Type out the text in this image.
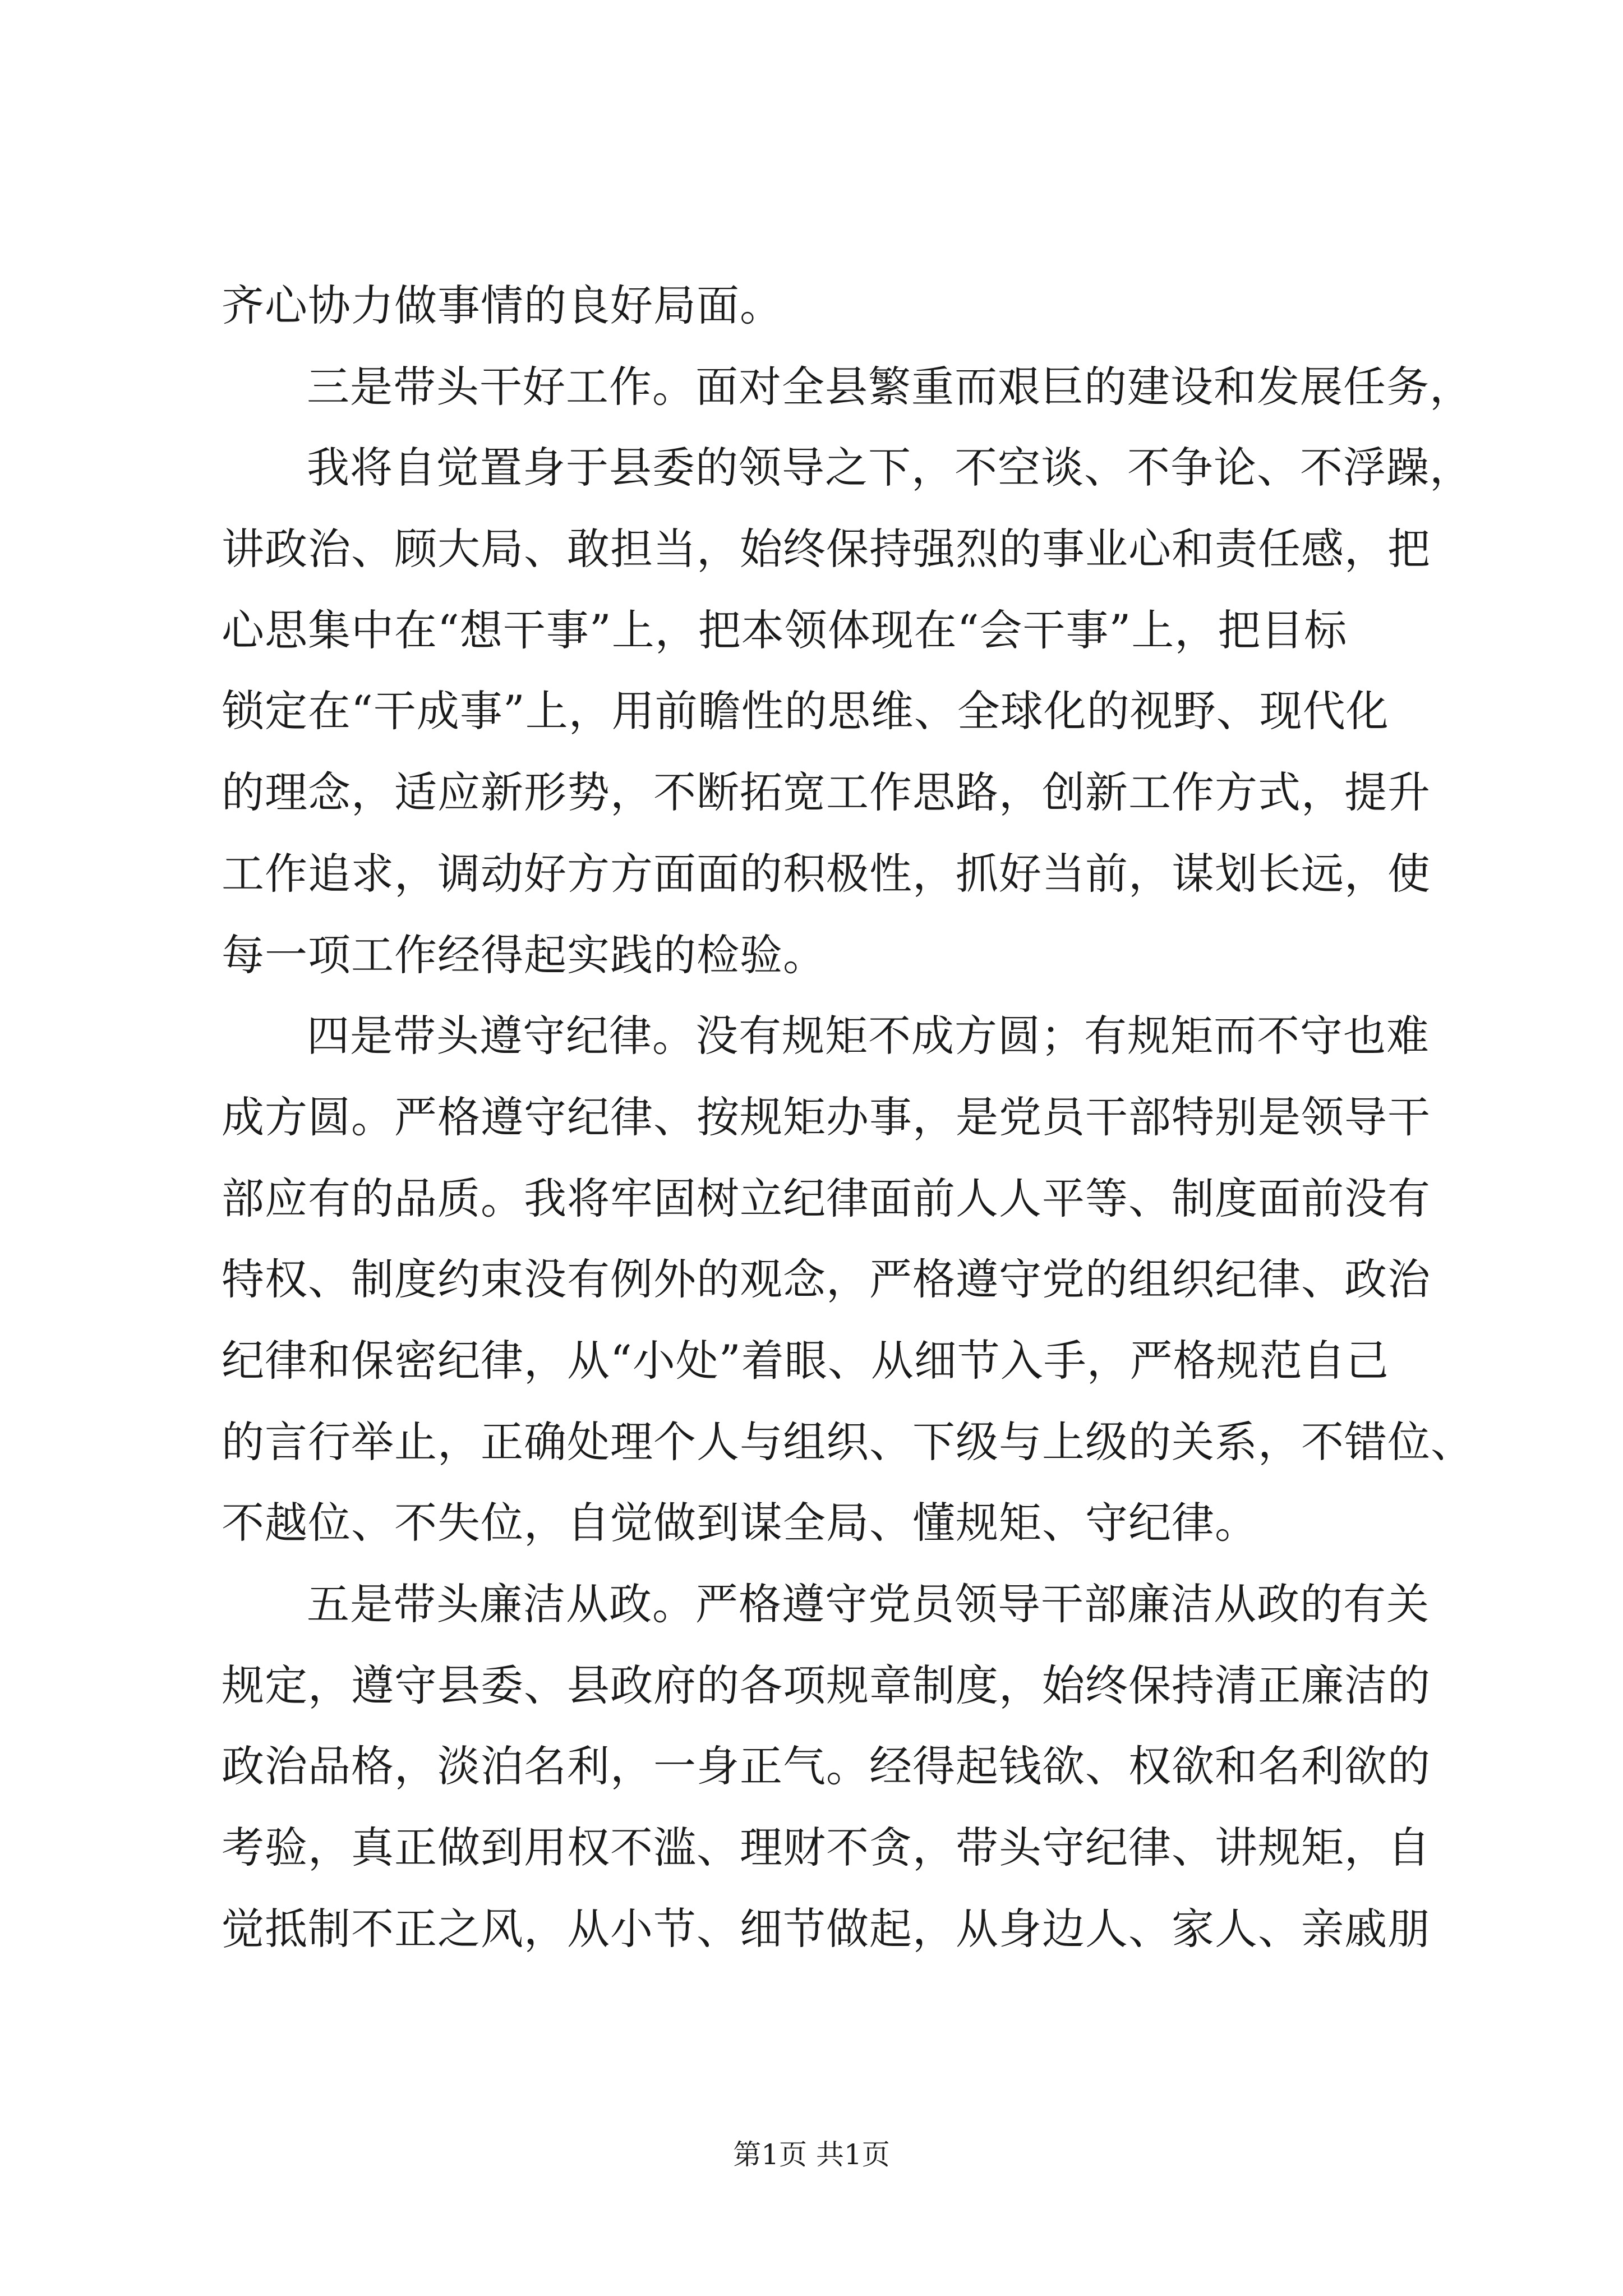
齐心协力做事情的良好局面。
三是带头干好工作。面对全县繁重而艰巨的建设和发展任务，
我将自觉置身于县委的领导之下，不空谈、不争论、不浮躁，
讲政治、顾大局、敢担当，始终保持强烈的事业心和责任感，把
心思集中在“想干事”上，把本领体现在“会干事”上，把目标
锁定在“干成事”上，用前瞻性的思维、全球化的视野、现代化
的理念，适应新形势，不断拓宽工作思路，创新工作方式，提升
工作追求，调动好方方面面的积极性，抓好当前，谋划长远，使
每一项工作经得起实践的检验。
四是带头遵守纪律。没有规矩不成方圆；有规矩而不守也难
成方圆。严格遵守纪律、按规矩办事，是党员干部特别是领导干
部应有的品质。我将牢固树立纪律面前人人平等、制度面前没有
特权、制度约束没有例外的观念，严格遵守党的组织纪律、政治
纪律和保密纪律，从“小处”着眼、从细节入手，严格规范自己
的言行举止，正确处理个人与组织、下级与上级的关系，不错位、
不越位、不失位，自觉做到谋全局、懂规矩、守纪律。
五是带头廉洁从政。严格遵守党员领导干部廉洁从政的有关
规定，遵守县委、县政府的各项规章制度，始终保持清正廉洁的
政治品格，淡泊名利，一身正气。经得起钱欲、权欲和名利欲的
考验，真正做到用权不滥、理财不贪，带头守纪律、讲规矩，自
觉抵制不正之风，从小节、细节做起，从身边人、家人、亲戚朋
第1页 共1页
